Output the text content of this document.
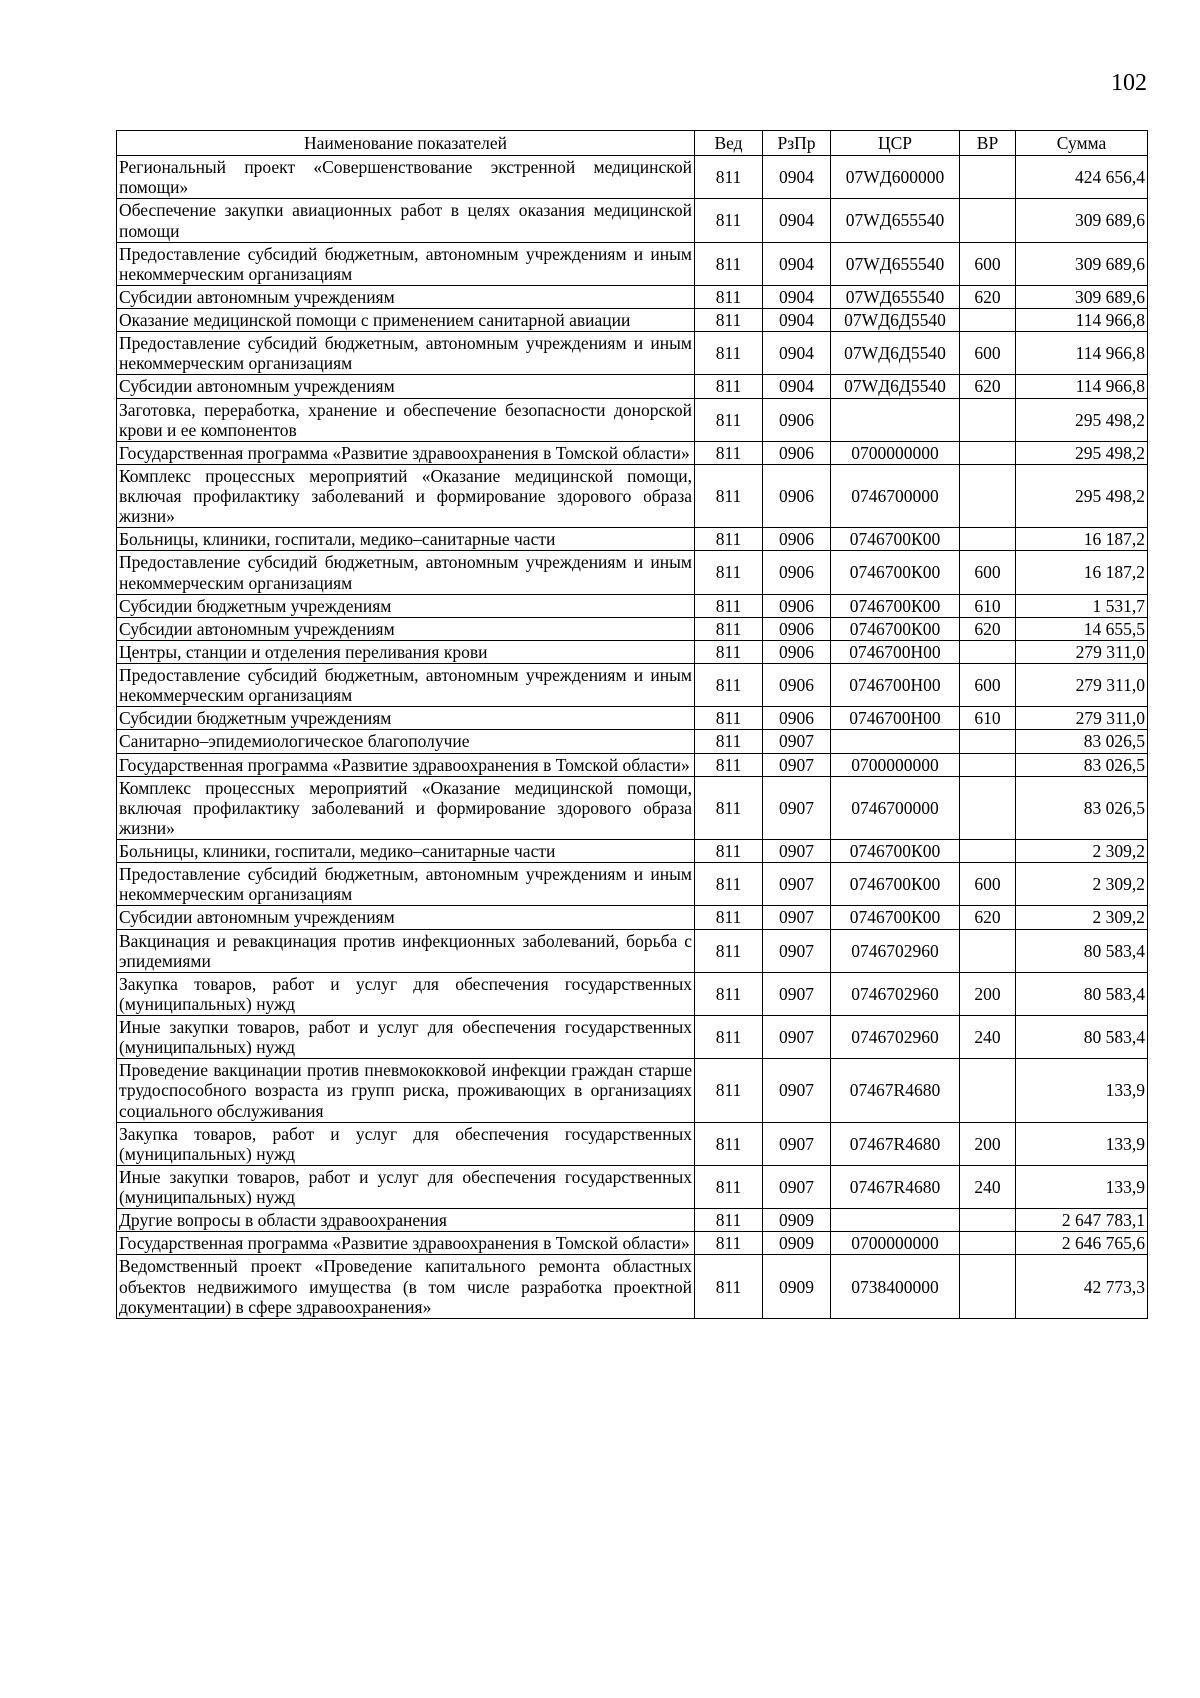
102
Наименование показателей	Вед	РзПр	ЦСР	ВР	Сумма
Региональный проект «Совершенствование экстренной медицинской помощи»	811	0904	07WД600000		424 656,4
Обеспечение закупки авиационных работ в целях оказания медицинской помощи	811	0904	07WД655540		309 689,6
Предоставление субсидий бюджетным, автономным учреждениям и иным некоммерческим организациям	811	0904	07WД655540	600	309 689,6
Субсидии автономным учреждениям	811	0904	07WД655540	620	309 689,6
Оказание медицинской помощи с применением санитарной авиации	811	0904	07WД6Д5540		114 966,8
Предоставление субсидий бюджетным, автономным учреждениям и иным некоммерческим организациям	811	0904	07WД6Д5540	600	114 966,8
Субсидии автономным учреждениям	811	0904	07WД6Д5540	620	114 966,8
Заготовка, переработка, хранение и обеспечение безопасности донорской крови и ее компонентов	811	0906			295 498,2
Государственная программа «Развитие здравоохранения в Томской области»	811	0906	0700000000		295 498,2
Комплекс процессных мероприятий «Оказание медицинской помощи, включая профилактику заболеваний и формирование здорового образа жизни»	811	0906	0746700000		295 498,2
Больницы, клиники, госпитали, медико–санитарные части	811	0906	0746700К00		16 187,2
Предоставление субсидий бюджетным, автономным учреждениям и иным некоммерческим организациям	811	0906	0746700К00	600	16 187,2
Субсидии бюджетным учреждениям	811	0906	0746700К00	610	1 531,7
Субсидии автономным учреждениям	811	0906	0746700К00	620	14 655,5
Центры, станции и отделения переливания крови	811	0906	0746700Н00		279 311,0
Предоставление субсидий бюджетным, автономным учреждениям и иным некоммерческим организациям	811	0906	0746700Н00	600	279 311,0
Субсидии бюджетным учреждениям	811	0906	0746700Н00	610	279 311,0
Санитарно–эпидемиологическое благополучие	811	0907			83 026,5
Государственная программа «Развитие здравоохранения в Томской области»	811	0907	0700000000		83 026,5
Комплекс процессных мероприятий «Оказание медицинской помощи, включая профилактику заболеваний и формирование здорового образа жизни»	811	0907	0746700000		83 026,5
Больницы, клиники, госпитали, медико–санитарные части	811	0907	0746700К00		2 309,2
Предоставление субсидий бюджетным, автономным учреждениям и иным некоммерческим организациям	811	0907	0746700К00	600	2 309,2
Субсидии автономным учреждениям	811	0907	0746700К00	620	2 309,2
Вакцинация и ревакцинация против инфекционных заболеваний, борьба с эпидемиями	811	0907	0746702960		80 583,4
Закупка товаров, работ и услуг для обеспечения государственных (муниципальных) нужд	811	0907	0746702960	200	80 583,4
Иные закупки товаров, работ и услуг для обеспечения государственных (муниципальных) нужд	811	0907	0746702960	240	80 583,4
Проведение вакцинации против пневмококковой инфекции граждан старше трудоспособного возраста из групп риска, проживающих в организациях социального обслуживания	811	0907	07467R4680		133,9
Закупка товаров, работ и услуг для обеспечения государственных (муниципальных) нужд	811	0907	07467R4680	200	133,9
Иные закупки товаров, работ и услуг для обеспечения государственных (муниципальных) нужд	811	0907	07467R4680	240	133,9
Другие вопросы в области здравоохранения	811	0909			2 647 783,1
Государственная программа «Развитие здравоохранения в Томской области»	811	0909	0700000000		2 646 765,6
Ведомственный проект «Проведение капитального ремонта областных объектов недвижимого имущества (в том числе разработка проектной документации) в сфере здравоохранения»	811	0909	0738400000		42 773,3
